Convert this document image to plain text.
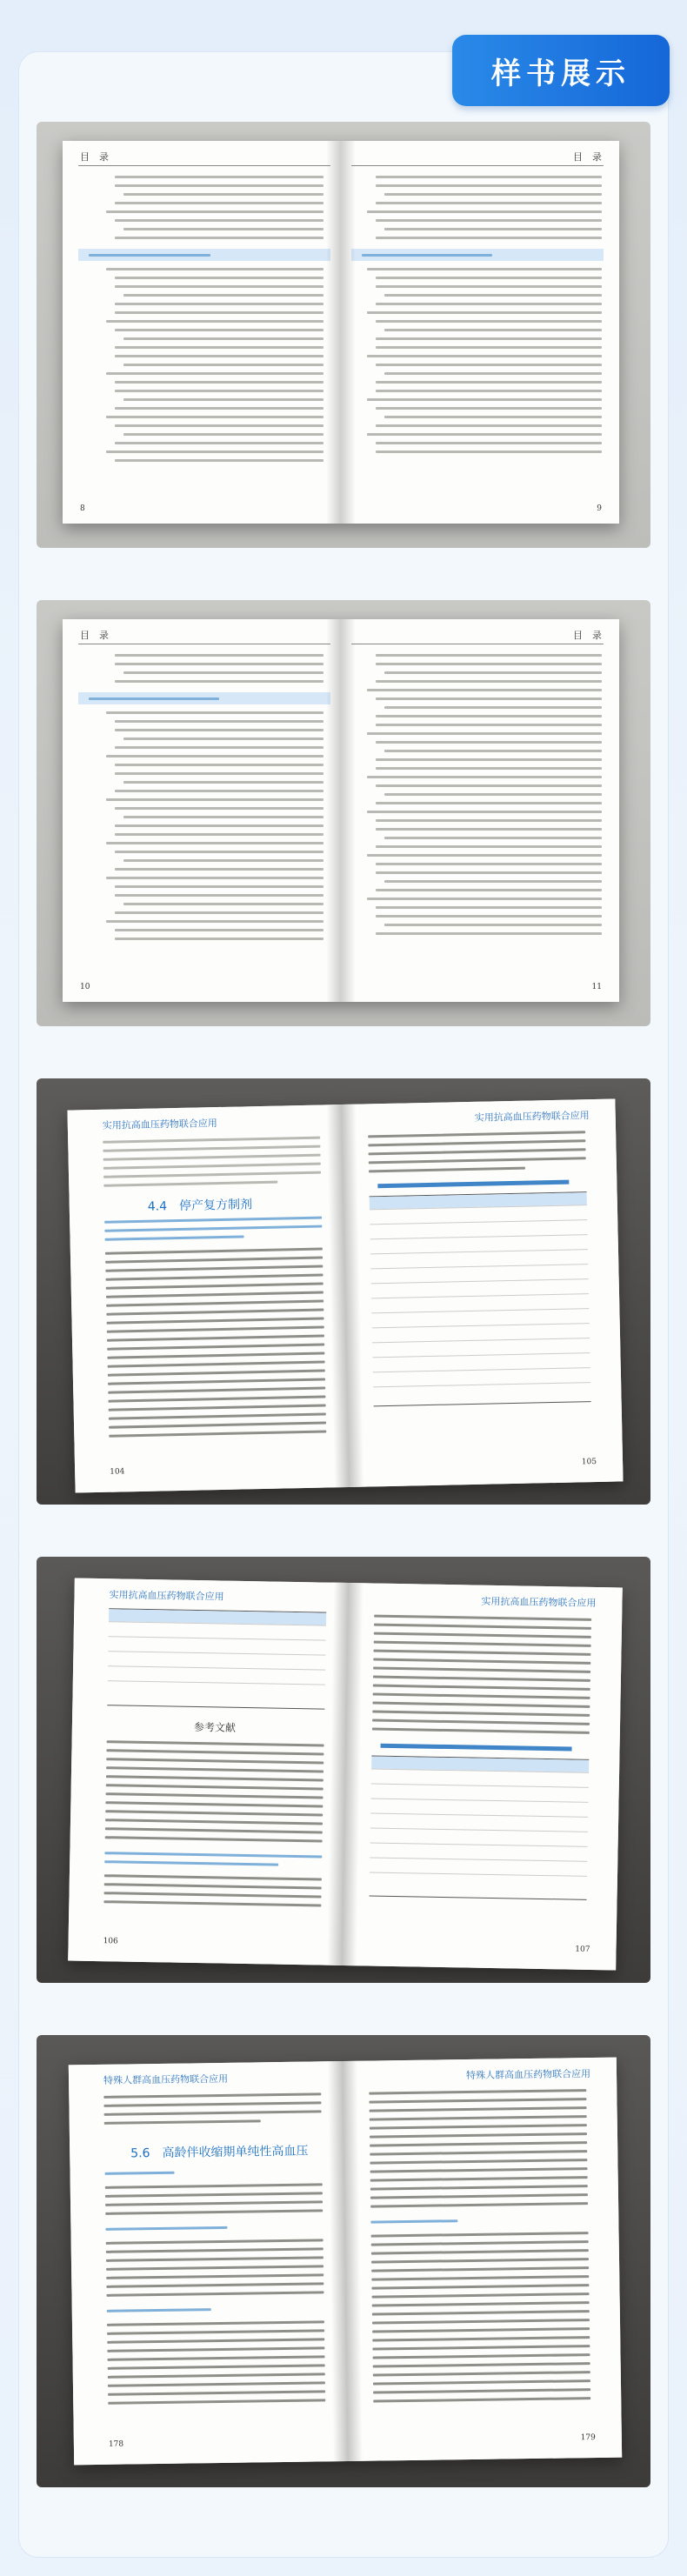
样书展示
目　录
8
目　录
9
目　录
10
目　录
11
实用抗高血压药物联合应用
4.4　停产复方制剂
104
实用抗高血压药物联合应用
105
实用抗高血压药物联合应用
参考文献
106
实用抗高血压药物联合应用
107
特殊人群高血压药物联合应用
5.6　高龄伴收缩期单纯性高血压
178
特殊人群高血压药物联合应用
179
